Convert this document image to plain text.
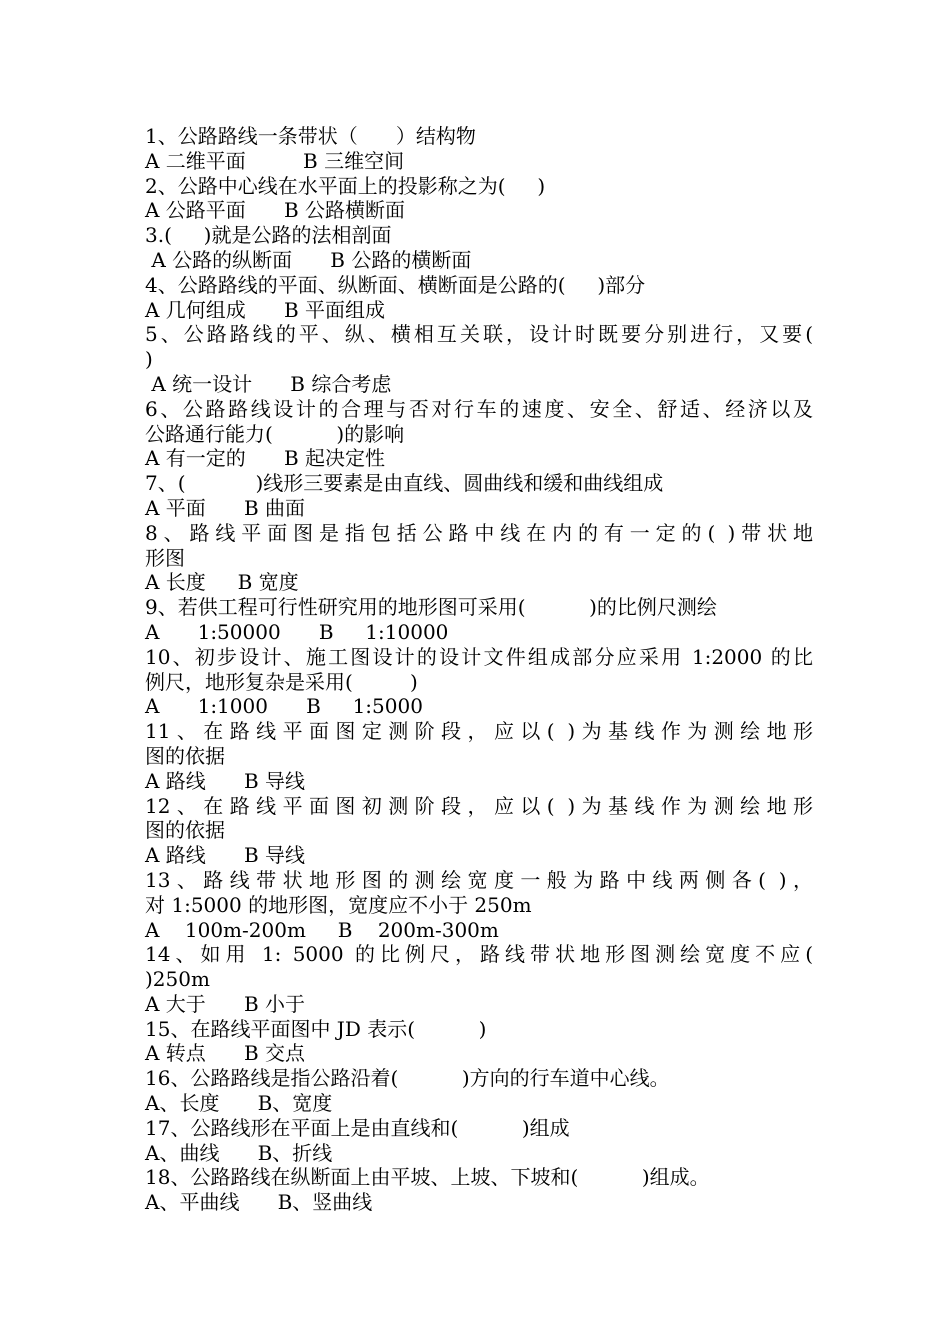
1、公路路线一条带状（      ）结构物
A 二维平面         B 三维空间
2、公路中心线在水平面上的投影称之为(     )
A 公路平面      B 公路横断面
3.(     )就是公路的法相剖面
A 公路的纵断面      B 公路的横断面
4、公路路线的平面、纵断面、横断面是公路的(     )部分
A 几何组成      B 平面组成
5、公路路线的平、纵、横相互关联，设计时既要分别进行，又要(
)
A 统一设计      B 综合考虑
6、公路路线设计的合理与否对行车的速度、安全、舒适、经济以及
公路通行能力(          )的影响
A 有一定的      B 起决定性
7、(           )线形三要素是由直线、圆曲线和缓和曲线组成
A 平面      B 曲面
8、路线平面图是指包括公路中线在内的有一定的( )带状地
形图
A 长度     B 宽度
9、若供工程可行性研究用的地形图可采用(          )的比例尺测绘
A      1:50000      B     1:10000
10、初步设计、施工图设计的设计文件组成部分应采用 1:2000 的比
例尺，地形复杂是采用(         )
A      1:1000      B     1:5000
11、在路线平面图定测阶段，应以( )为基线作为测绘地形
图的依据
A 路线      B 导线
12、在路线平面图初测阶段，应以( )为基线作为测绘地形
图的依据
A 路线      B 导线
13、路线带状地形图的测绘宽度一般为路中线两侧各( )，
对 1:5000 的地形图，宽度应不小于 250m
A    100m-200m     B    200m-300m
14、如用 1: 5000 的比例尺，路线带状地形图测绘宽度不应(
)250m
A 大于      B 小于
15、在路线平面图中 JD 表示(          )
A 转点      B 交点
16、公路路线是指公路沿着(          )方向的行车道中心线。
A、长度      B、宽度
17、公路线形在平面上是由直线和(          )组成
A、曲线      B、折线
18、公路路线在纵断面上由平坡、上坡、下坡和(          )组成。
A、平曲线      B、竖曲线
